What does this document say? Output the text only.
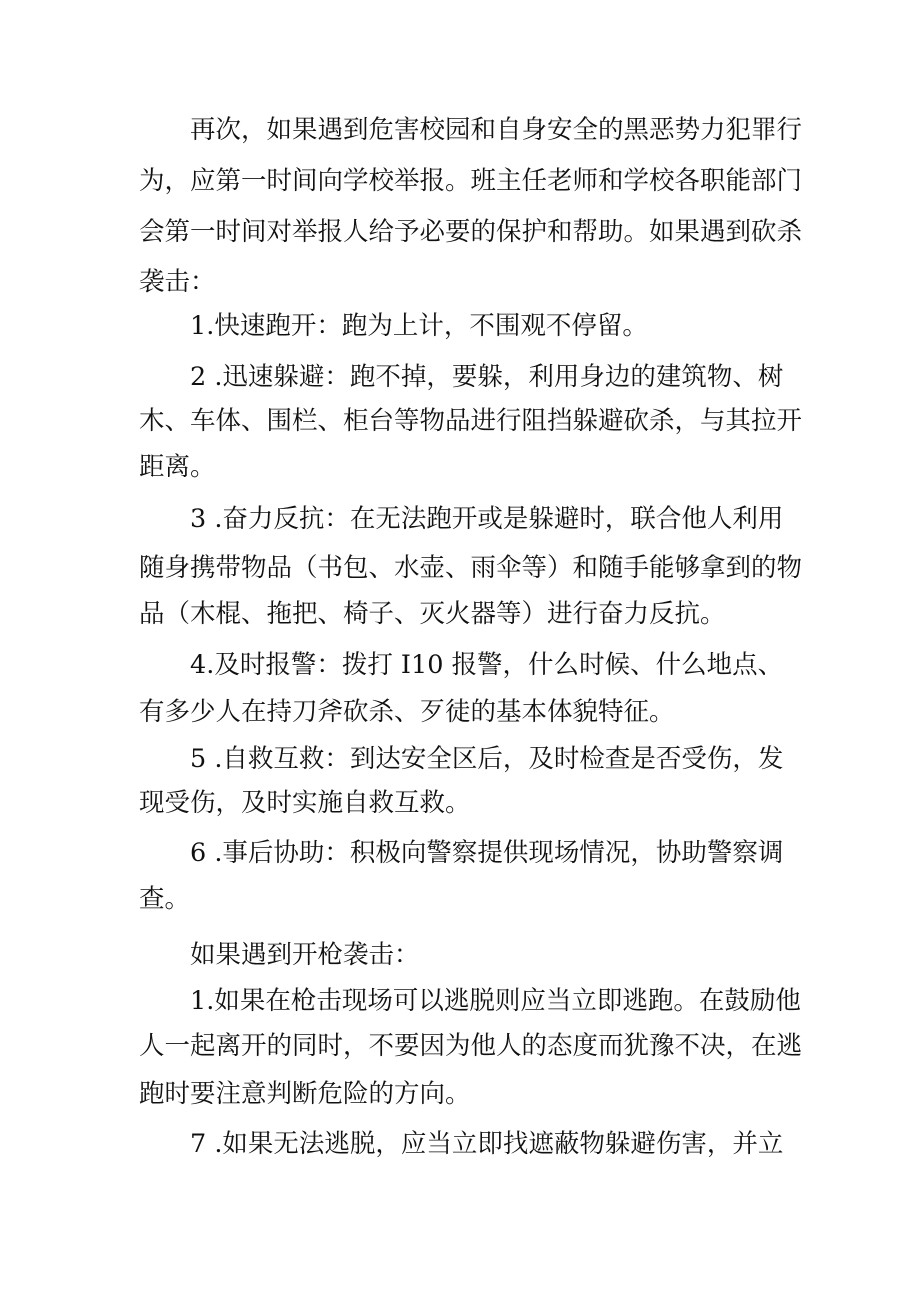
再次，如果遇到危害校园和自身安全的黑恶势力犯罪行
为，应第一时间向学校举报。班主任老师和学校各职能部门
会第一时间对举报人给予必要的保护和帮助。如果遇到砍杀
袭击：
1.快速跑开：跑为上计，不围观不停留。
2 .迅速躲避：跑不掉，要躲，利用身边的建筑物、树
木、车体、围栏、柜台等物品进行阻挡躲避砍杀，与其拉开
距离。
3 .奋力反抗：在无法跑开或是躲避时，联合他人利用
随身携带物品（书包、水壶、雨伞等）和随手能够拿到的物
品（木棍、拖把、椅子、灭火器等）进行奋力反抗。
4.及时报警：拨打 I10 报警，什么时候、什么地点、
有多少人在持刀斧砍杀、歹徒的基本体貌特征。
5 .自救互救：到达安全区后，及时检查是否受伤，发
现受伤，及时实施自救互救。
6 .事后协助：积极向警察提供现场情况，协助警察调
查。
如果遇到开枪袭击：
1.如果在枪击现场可以逃脱则应当立即逃跑。在鼓励他
人一起离开的同时，不要因为他人的态度而犹豫不决，在逃
跑时要注意判断危险的方向。
7 .如果无法逃脱，应当立即找遮蔽物躲避伤害，并立
